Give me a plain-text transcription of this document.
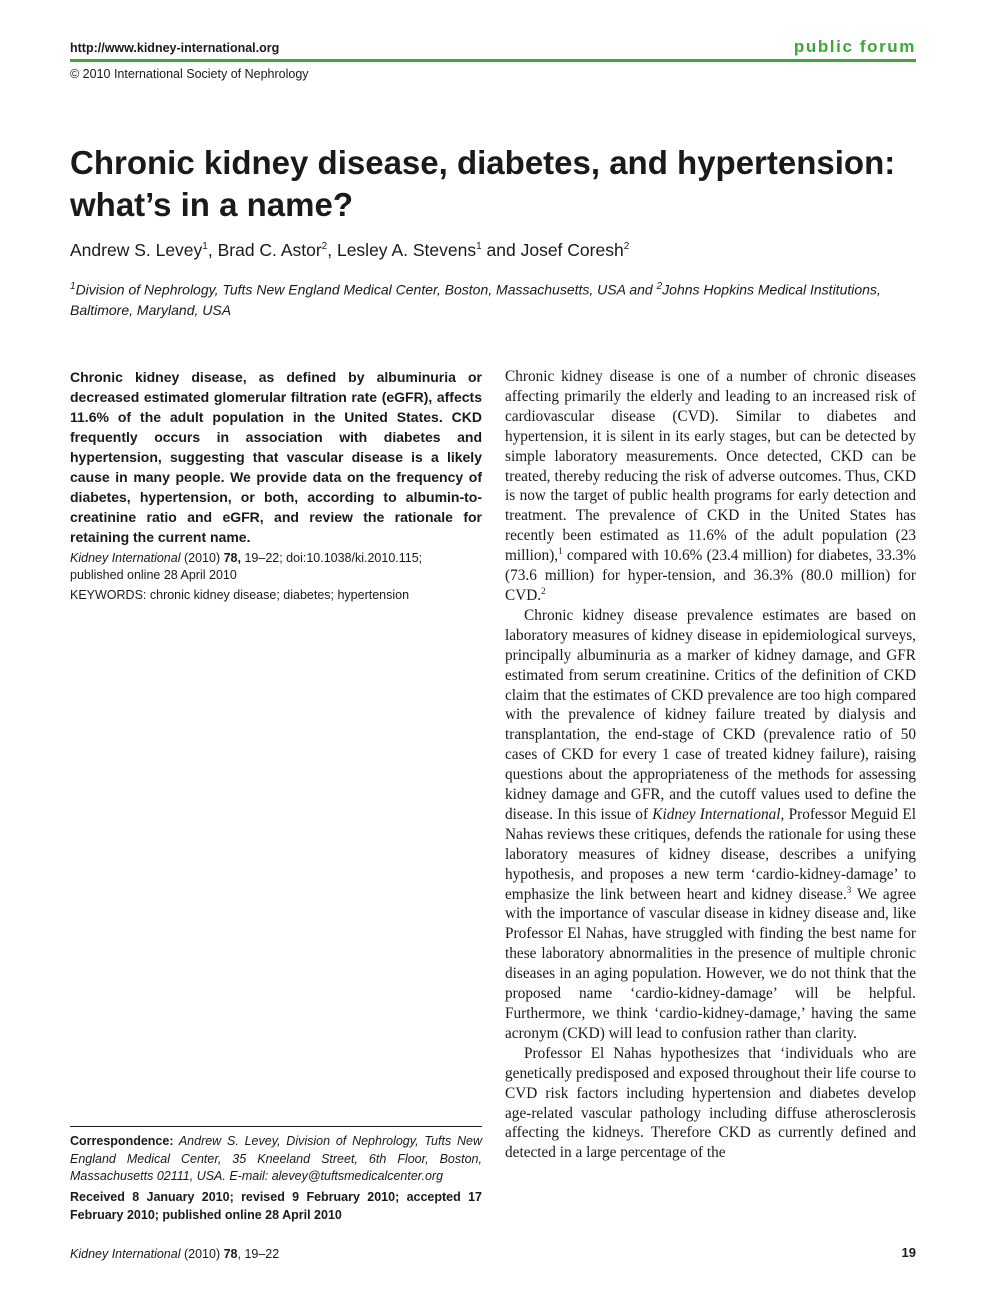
http://www.kidney-international.org	public forum
© 2010 International Society of Nephrology
Chronic kidney disease, diabetes, and hypertension: what’s in a name?
Andrew S. Levey$^1$, Brad C. Astor$^2$, Lesley A. Stevens$^1$ and Josef Coresh$^2$
$^1$Division of Nephrology, Tufts New England Medical Center, Boston, Massachusetts, USA and $^2$Johns Hopkins Medical Institutions, Baltimore, Maryland, USA
Chronic kidney disease, as defined by albuminuria or decreased estimated glomerular filtration rate (eGFR), affects 11.6% of the adult population in the United States. CKD frequently occurs in association with diabetes and hypertension, suggesting that vascular disease is a likely cause in many people. We provide data on the frequency of diabetes, hypertension, or both, according to albumin-to-creatinine ratio and eGFR, and review the rationale for retaining the current name.
Kidney International (2010) 78, 19–22; doi:10.1038/ki.2010.115;
published online 28 April 2010
KEYWORDS: chronic kidney disease; diabetes; hypertension
Correspondence: Andrew S. Levey, Division of Nephrology, Tufts New England Medical Center, 35 Kneeland Street, 6th Floor, Boston, Massachusetts 02111, USA. E-mail: alevey@tuftsmedicalcenter.org
Received 8 January 2010; revised 9 February 2010; accepted 17 February 2010; published online 28 April 2010

Chronic kidney disease is one of a number of chronic diseases affecting primarily the elderly and leading to an increased risk of cardiovascular disease (CVD). Similar to diabetes and hypertension, it is silent in its early stages, but can be detected by simple laboratory measurements. Once detected, CKD can be treated, thereby reducing the risk of adverse outcomes. Thus, CKD is now the target of public health programs for early detection and treatment. The prevalence of CKD in the United States has recently been estimated as 11.6% of the adult population (23 million),$^1$ compared with 10.6% (23.4 million) for diabetes, 33.3% (73.6 million) for hyper-tension, and 36.3% (80.0 million) for CVD.$^2$

Chronic kidney disease prevalence estimates are based on laboratory measures of kidney disease in epidemiological surveys, principally albuminuria as a marker of kidney damage, and GFR estimated from serum creatinine. Critics of the definition of CKD claim that the estimates of CKD prevalence are too high compared with the prevalence of kidney failure treated by dialysis and transplantation, the end-stage of CKD (prevalence ratio of 50 cases of CKD for every 1 case of treated kidney failure), raising questions about the appropriateness of the methods for assessing kidney damage and GFR, and the cutoff values used to define the disease. In this issue of Kidney International, Professor Meguid El Nahas reviews these critiques, defends the rationale for using these laboratory measures of kidney disease, describes a unifying hypothesis, and proposes a new term ‘cardio-kidney-damage’ to emphasize the link between heart and kidney disease.$^3$ We agree with the importance of vascular disease in kidney disease and, like Professor El Nahas, have struggled with finding the best name for these laboratory abnormalities in the presence of multiple chronic diseases in an aging population. However, we do not think that the proposed name ‘cardio-kidney-damage’ will be helpful. Furthermore, we think ‘cardio-kidney-damage,’ having the same acronym (CKD) will lead to confusion rather than clarity.

Professor El Nahas hypothesizes that ‘individuals who are genetically predisposed and exposed throughout their life course to CVD risk factors including hypertension and diabetes develop age-related vascular pathology including diffuse atherosclerosis affecting the kidneys. Therefore CKD as currently defined and detected in a large percentage of the

Kidney International (2010) 78, 19–22	19
